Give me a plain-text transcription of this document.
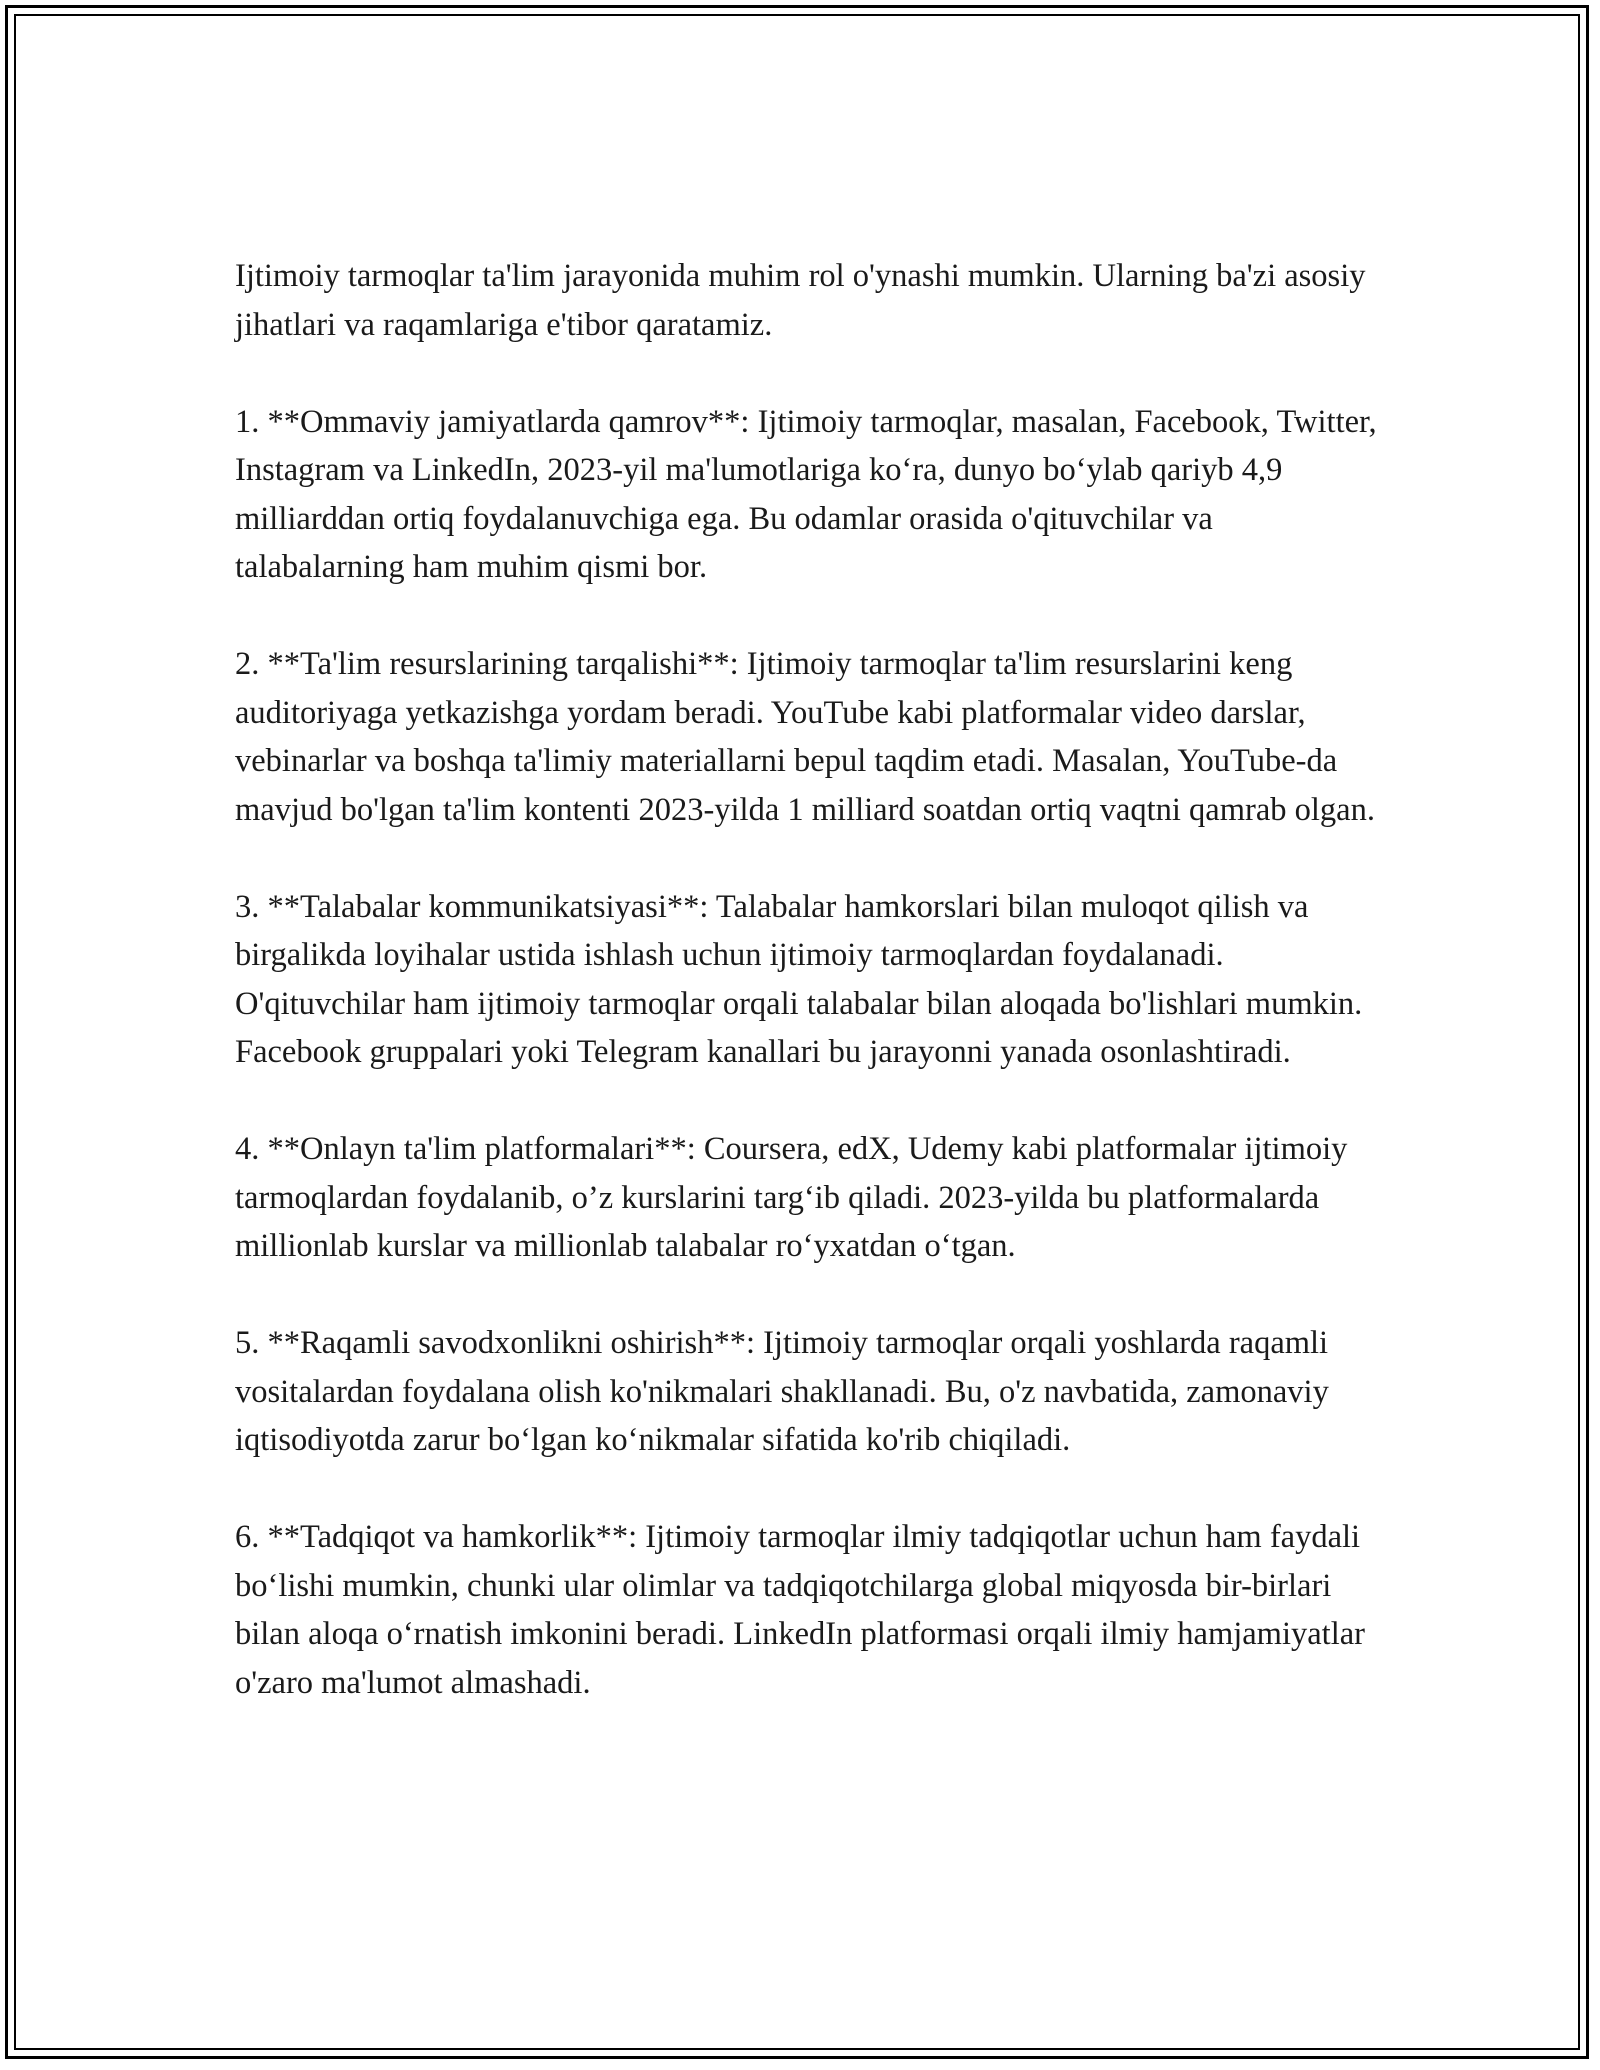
Ijtimoiy tarmoqlar ta'lim jarayonida muhim rol o'ynashi mumkin. Ularning ba'zi asosiy jihatlari va raqamlariga e'tibor qaratamiz.

1. **Ommaviy jamiyatlarda qamrov**: Ijtimoiy tarmoqlar, masalan, Facebook, Twitter, Instagram va LinkedIn, 2023-yil ma'lumotlariga ko‘ra, dunyo bo‘ylab qariyb 4,9 milliarddan ortiq foydalanuvchiga ega. Bu odamlar orasida o'qituvchilar va talabalarning ham muhim qismi bor.

2. **Ta'lim resurslarining tarqalishi**: Ijtimoiy tarmoqlar ta'lim resurslarini keng auditoriyaga yetkazishga yordam beradi. YouTube kabi platformalar video darslar, vebinarlar va boshqa ta'limiy materiallarni bepul taqdim etadi. Masalan, YouTube-da mavjud bo'lgan ta'lim kontenti 2023-yilda 1 milliard soatdan ortiq vaqtni qamrab olgan.

3. **Talabalar kommunikatsiyasi**: Talabalar hamkorslari bilan muloqot qilish va birgalikda loyihalar ustida ishlash uchun ijtimoiy tarmoqlardan foydalanadi. O'qituvchilar ham ijtimoiy tarmoqlar orqali talabalar bilan aloqada bo'lishlari mumkin. Facebook gruppalari yoki Telegram kanallari bu jarayonni yanada osonlashtiradi.

4. **Onlayn ta'lim platformalari**: Coursera, edX, Udemy kabi platformalar ijtimoiy tarmoqlardan foydalanib, o’z kurslarini targ‘ib qiladi. 2023-yilda bu platformalarda millionlab kurslar va millionlab talabalar ro‘yxatdan o‘tgan.

5. **Raqamli savodxonlikni oshirish**: Ijtimoiy tarmoqlar orqali yoshlarda raqamli vositalardan foydalana olish ko'nikmalari shakllanadi. Bu, o'z navbatida, zamonaviy iqtisodiyotda zarur bo‘lgan ko‘nikmalar sifatida ko'rib chiqiladi.

6. **Tadqiqot va hamkorlik**: Ijtimoiy tarmoqlar ilmiy tadqiqotlar uchun ham faydali bo‘lishi mumkin, chunki ular olimlar va tadqiqotchilarga global miqyosda bir-birlari bilan aloqa o‘rnatish imkonini beradi. LinkedIn platformasi orqali ilmiy hamjamiyatlar o'zaro ma'lumot almashadi.
